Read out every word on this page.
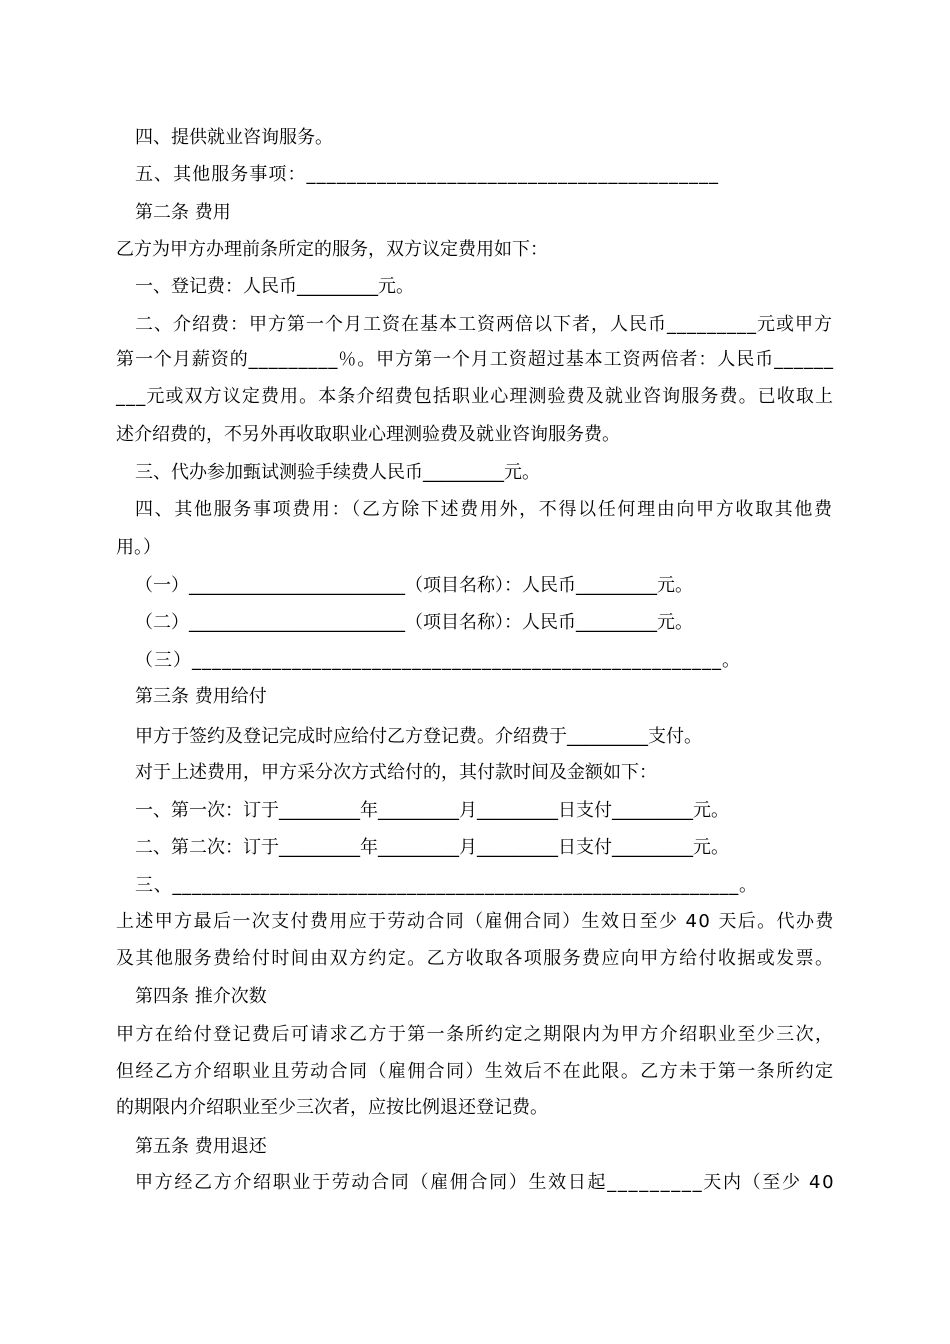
四、提供就业咨询服务。
五、其他服务事项：_________________________________________
第二条 费用
乙方为甲方办理前条所定的服务，双方议定费用如下：
一、登记费：人民币_________元。
二、介绍费：甲方第一个月工资在基本工资两倍以下者，人民币_________元或甲方
第一个月薪资的_________％。甲方第一个月工资超过基本工资两倍者：人民币______
___元或双方议定费用。本条介绍费包括职业心理测验费及就业咨询服务费。已收取上
述介绍费的，不另外再收取职业心理测验费及就业咨询服务费。
三、代办参加甄试测验手续费人民币_________元。
四、其他服务事项费用：（乙方除下述费用外，不得以任何理由向甲方收取其他费
用。）
（一）________________________（项目名称）：人民币_________元。
（二）________________________（项目名称）：人民币_________元。
（三）_____________________________________________________。
第三条 费用给付
甲方于签约及登记完成时应给付乙方登记费。介绍费于_________支付。
对于上述费用，甲方采分次方式给付的，其付款时间及金额如下：
一、第一次：订于_________年_________月_________日支付_________元。
二、第二次：订于_________年_________月_________日支付_________元。
三、__________________________________________________________。
上述甲方最后一次支付费用应于劳动合同（雇佣合同）生效日至少 40 天后。代办费
及其他服务费给付时间由双方约定。乙方收取各项服务费应向甲方给付收据或发票。
第四条 推介次数
甲方在给付登记费后可请求乙方于第一条所约定之期限内为甲方介绍职业至少三次，
但经乙方介绍职业且劳动合同（雇佣合同）生效后不在此限。乙方未于第一条所约定
的期限内介绍职业至少三次者，应按比例退还登记费。
第五条 费用退还
甲方经乙方介绍职业于劳动合同（雇佣合同）生效日起_________天内（至少 40
